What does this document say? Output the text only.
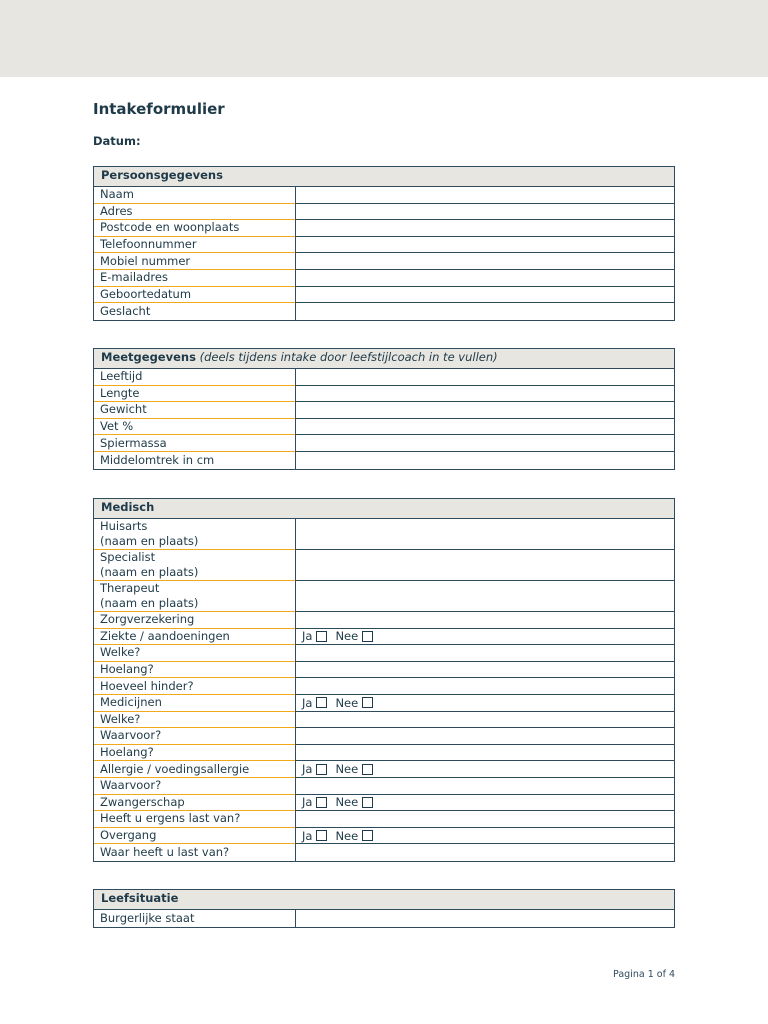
Intakeformulier
Datum:
Persoonsgegevens
Naam
Adres
Postcode en woonplaats
Telefoonnummer
Mobiel nummer
E-mailadres
Geboortedatum
Geslacht
Meetgegevens (deels tijdens intake door leefstijlcoach in te vullen)
Leeftijd
Lengte
Gewicht
Vet %
Spiermassa
Middelomtrek in cm
Medisch
Huisarts
(naam en plaats)
Specialist
(naam en plaats)
Therapeut
(naam en plaats)
Zorgverzekering
Ziekte / aandoeningen	Ja Nee
Welke?
Hoelang?
Hoeveel hinder?
Medicijnen	Ja Nee
Welke?
Waarvoor?
Hoelang?
Allergie / voedingsallergie	Ja Nee
Waarvoor?
Zwangerschap	Ja Nee
Heeft u ergens last van?
Overgang	Ja Nee
Waar heeft u last van?
Leefsituatie
Burgerlijke staat
Pagina 1 of 4
